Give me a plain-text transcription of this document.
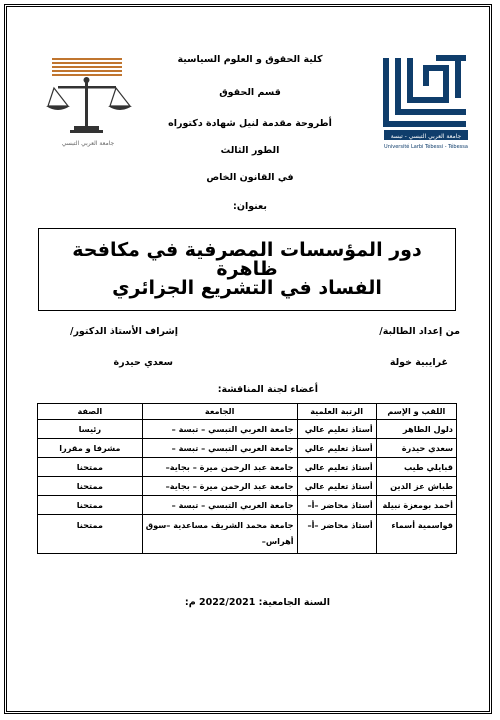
جامعة العربي التبسي
جامعة العربي التبسي - تبسة
Université Larbi Tébessi - Tébessa
كلية الحقوق و العلوم السياسية
قسم الحقوق
أطروحة مقدمة لنيل شهادة دكتوراه
الطور الثالث
في القانون الخاص
بعنوان:
دور المؤسسات المصرفية في مكافحة ظاهرة
الفساد في التشريع الجزائري
من إعداد الطالبة/
غرايبية خولة
إشراف الأستاذ الدكتور/
سعدي حيدرة
أعضاء لجنة المناقشة:
اللقب و الإسم	الرتبة العلمية	الجامعة	الصفة
دلول الطاهر	أستاذ تعليم عالي	جامعة العربي التبسي – تبسة –	رئيسا
سعدي حيدرة	أستاذ تعليم عالي	جامعة العربي التبسي – تبسة –	مشرفا و مقررا
قبايلي طيب	أستاذ تعليم عالي	جامعة عبد الرحمن ميرة – بجاية–	ممتحنا
طباش عز الدين	أستاذ تعليم عالي	جامعة عبد الرحمن ميرة – بجاية–	ممتحنا
أحمد بومعزة نبيلة	أستاذ محاضر –أ–	جامعة العربي التبسي – تبسة –	ممتحنا
قواسمية أسماء	أستاذ محاضر –أ–	جامعة محمد الشريف مساعدية –سوق أهراس–	ممتحنا
السنة الجامعية: 2022/2021 م:
